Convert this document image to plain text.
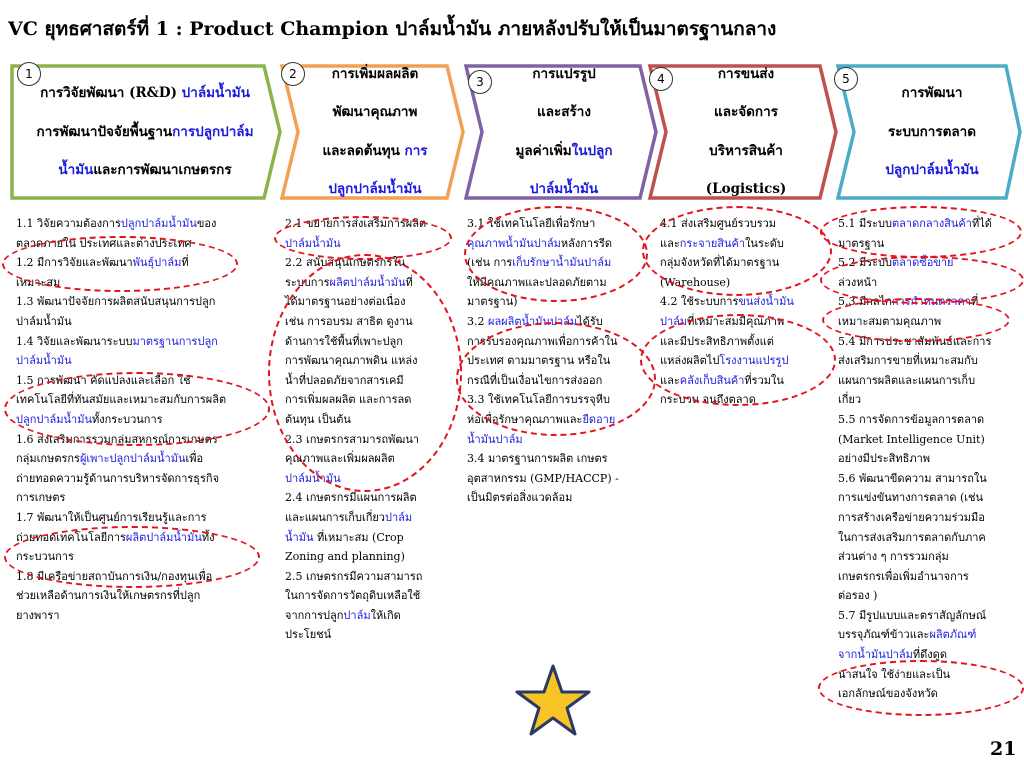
VC ยุทธศาสตร์ที่ 1 : Product Champion ปาล์มน้ำมัน ภายหลังปรับให้เป็นมาตรฐานกลาง
1	2
3	4	5

การวิจัยพัฒนา (R&D) ปาล์มน้ำมัน

การพัฒนาปัจจัยพื้นฐานการปลูกปาล์ม

น้ำมันและการพัฒนาเกษตรกร

การเพิ่มผลผลิต

พัฒนาคุณภาพ

และลดต้นทุน การ

ปลูกปาล์มน้ำมัน

การแปรรูป

และสร้าง

มูลค่าเพิ่มในปลูก

ปาล์มน้ำมัน

การขนส่ง

และจัดการ

บริหารสินค้า

(Logistics)

การพัฒนา

ระบบการตลาด

ปลูกปาล์มน้ำมัน

1.1 วิจัยความต้องการปลูกปาล์มน้ำมันของ

ตลาดภายใน ประเทศและต่างประเทศ

1.2 มีการวิจัยและพัฒนาพันธุ์ปาล์มที่

เหมาะสม

1.3 พัฒนาปัจจัยการผลิตสนับสนุนการปลูก

ปาล์มน้ำมัน

1.4 วิจัยและพัฒนาระบบมาตรฐานการปลูก

ปาล์มน้ำมัน

1.5 การพัฒนา คัดแปลงและเลือก ใช้

เทคโนโลยีที่ทันสมัยและเหมาะสมกับการผลิต

ปลูกปาล์มน้ำมันทั้งกระบวนการ

1.6 ส่งเสริมการรวมกลุ่มสหกรณ์การเกษตร

กลุ่มเกษตรกรผู้เพาะปลูกปาล์มน้ำมันเพื่อ

ถ่ายทอดความรู้ด้านการบริหารจัดการธุรกิจ

การเกษตร

1.7 พัฒนาให้เป็นศูนย์การเรียนรู้และการ

ถ่ายทอดเทคโนโลยีการผลิตปาล์มน้ำมันทั้ง

กระบวนการ

1.8 มีเครือข่ายสถาบันการเงิน/กองทุนเพื่อ

ช่วยเหลือด้านการเงินให้เกษตรกรที่ปลูก

ยางพารา

2.1 ขยายการส่งเสริมการผลิต

ปาล์มน้ำมัน

2.2 สนับสนุนเกษตรกรใน

ระบบการผลิตปาล์มน้ำมันที่

ได้มาตรฐานอย่างต่อเนื่อง

เช่น การอบรม สาธิต ดูงาน

ด้านการใช้พื้นที่เพาะปลูก

การพัฒนาคุณภาพดิน แหล่ง

น้ำที่ปลอดภัยจากสารเคมี

การเพิ่มผลผลิต และการลด

ต้นทุน เป็นต้น

2.3 เกษตรกรสามารถพัฒนา

คุณภาพและเพิ่มผลผลิต

ปาล์มน้ำมัน

2.4 เกษตรกรมีแผนการผลิต

และแผนการเก็บเกี่ยวปาล์ม

น้ำมัน ที่เหมาะสม (Crop

Zoning and planning)

2.5 เกษตรกรมีความสามารถ

ในการจัดการวัตถุดิบเหลือใช้

จากการปลูกปาล์มให้เกิด

ประโยชน์

3.1 ใช้เทคโนโลยีเพื่อรักษา

คุณภาพน้ำมันปาล์มหลังการรีด

(เช่น การเก็บรักษาน้ำมันปาล์ม

ให้มีคุณภาพและปลอดภัยตาม

มาตรฐาน)

3.2 ผลผลิตน้ำมันปาล์มได้รับ

การรับรองคุณภาพเพื่อการค้าใน

ประเทศ ตามมาตรฐาน หรือใน

กรณีที่เป็นเงื่อนไขการส่งออก

3.3 ใช้เทคโนโลยีการบรรจุหีบ

ห่อเพื่อรักษาคุณภาพและยืดอายุ

น้ำมันปาล์ม

3.4 มาตรฐานการผลิต เกษตร

อุตสาหกรรม (GMP/HACCP) -

เป็นมิตรต่อสิ่งแวดล้อม

4.1 ส่งเสริมศูนย์รวบรวม

และกระจายสินค้าในระดับ

กลุ่มจังหวัดที่ได้มาตรฐาน

(Warehouse)

4.2 ใช้ระบบการขนส่งน้ำมัน

ปาล์มที่เหมาะสมมีคุณภาพ

และมีประสิทธิภาพตั้งแต่

แหล่งผลิตไปโรงงานแปรรูป

และคลังเก็บสินค้าที่รวมใน

กระบวน จนถึงตลาด

5.1 มีระบบตลาดกลางสินค้าที่ได้

มาตรฐาน

5.2 มีระบบตลาดซื้อขาย

ล่วงหน้า

5.3 มีกลไกการกำหนดราคาที่

เหมาะสมตามคุณภาพ

5.4 มีการประชาสัมพันธ์และการ

ส่งเสริมการขายที่เหมาะสมกับ

แผนการผลิตและแผนการเก็บ

เกี่ยว

5.5 การจัดการข้อมูลการตลาด

(Market Intelligence Unit)

อย่างมีประสิทธิภาพ

5.6 พัฒนาขีดความ สามารถใน

การแข่งขันทางการตลาด (เช่น

การสร้างเครือข่ายความร่วมมือ

ในการส่งเสริมการตลาดกับภาค

ส่วนต่าง ๆ การรวมกลุ่ม

เกษตรกรเพื่อเพิ่มอำนาจการ

ต่อรอง )

5.7 มีรูปแบบและตราสัญลักษณ์

บรรจุภัณฑ์ข้าวและผลิตภัณฑ์

จากน้ำมันปาล์มที่ดึงดูด

น่าสนใจ ใช้ง่ายและเป็น

เอกลักษณ์ของจังหวัด

21
